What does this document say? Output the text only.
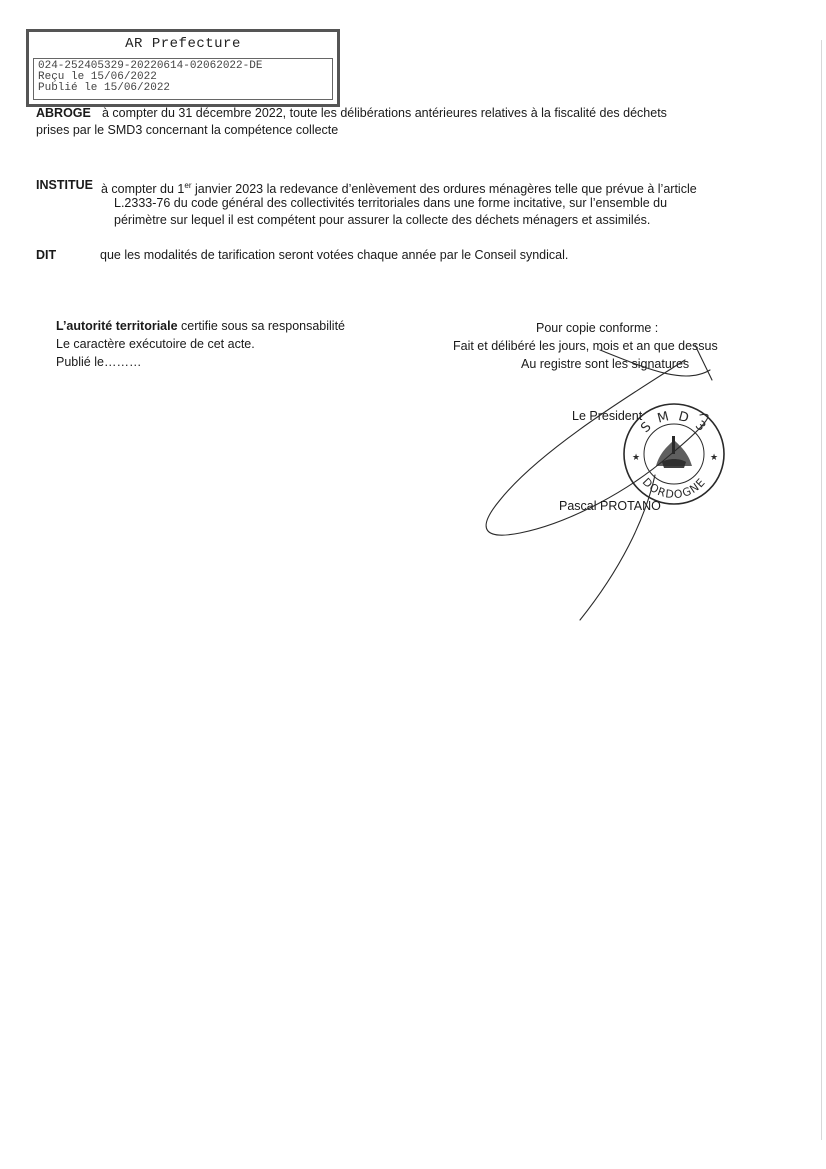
AR Prefecture
024-252405329-20220614-02062022-DE
Reçu le 15/06/2022
Publié le 15/06/2022
ABROGE à compter du 31 décembre 2022, toute les délibérations antérieures relatives à la fiscalité des déchets
prises par le SMD3 concernant la compétence collecte
INSTITUE à compter du 1er janvier 2023 la redevance d’enlèvement des ordures ménagères telle que prévue à l’article
L.2333-76 du code général des collectivités territoriales dans une forme incitative, sur l’ensemble du
périmètre sur lequel il est compétent pour assurer la collecte des déchets ménagers et assimilés.
DIT	que les modalités de tarification seront votées chaque année par le Conseil syndical.
L’autorité territoriale certifie sous sa responsabilité
Le caractère exécutoire de cet acte.
Publié le………
Pour copie conforme :
Fait et délibéré les jours, mois et an que dessus
Au registre sont les signatures
Le Président
Pascal PROTANO
S M D 3
DORDOGNE
★	★
